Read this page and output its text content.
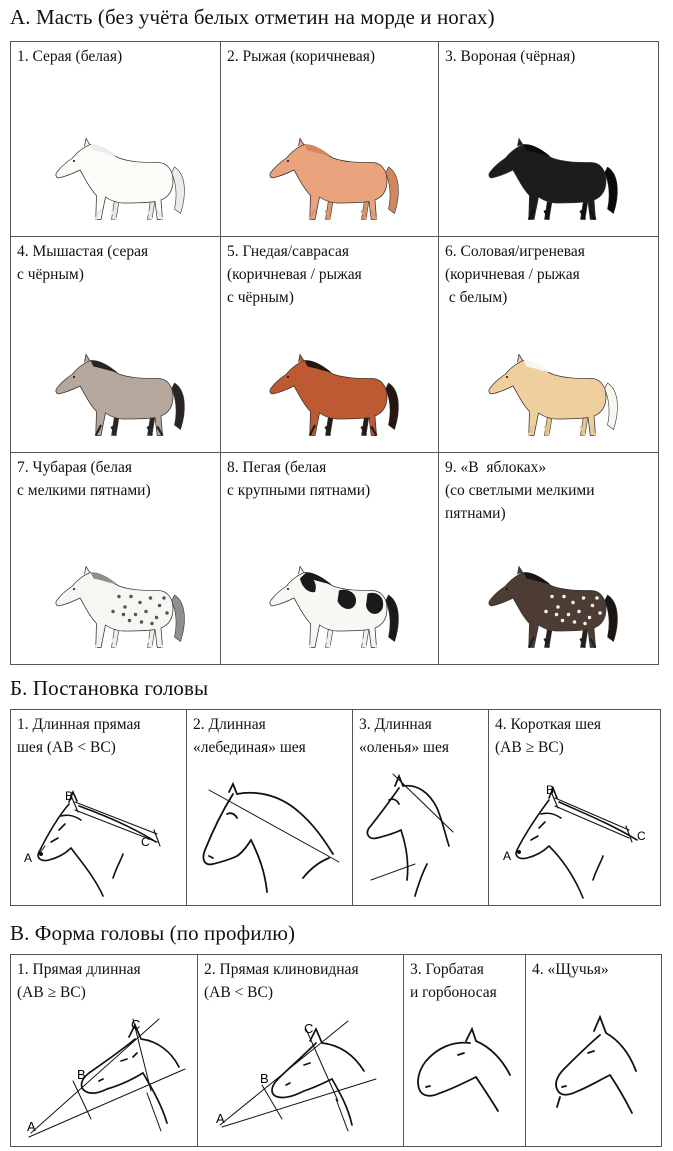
А. Масть (без учёта белых отметин на морде и ногах)
1. Серая (белая)	2. Рыжая (коричневая)	3. Вороная (чёрная)

4. Мышастая (серая
с чёрным)	5. Гнедая/саврасая
(коричневая / рыжая
с чёрным)	6. Соловая/игреневая
(коричневая / рыжая
с белым)

7. Чубарая (белая
с мелкими пятнами)	8. Пегая (белая
с крупными пятнами)	9. «В  яблоках»
(со светлыми мелкими
пятнами)
Б. Постановка головы
1. Длинная прямая
шея (АВ < ВС)
B
A
C

2. Длинная
«лебединая» шея

3. Длинная
«оленья» шея

4. Короткая шея
(АВ ≥ ВС)
B
A
C
В. Форма головы (по профилю)
1. Прямая длинная
(АВ ≥ ВС)
C
B
A

2. Прямая клиновидная
(АВ < ВС)
C
B
A

3. Горбатая
и горбоносая

4. «Щучья»
